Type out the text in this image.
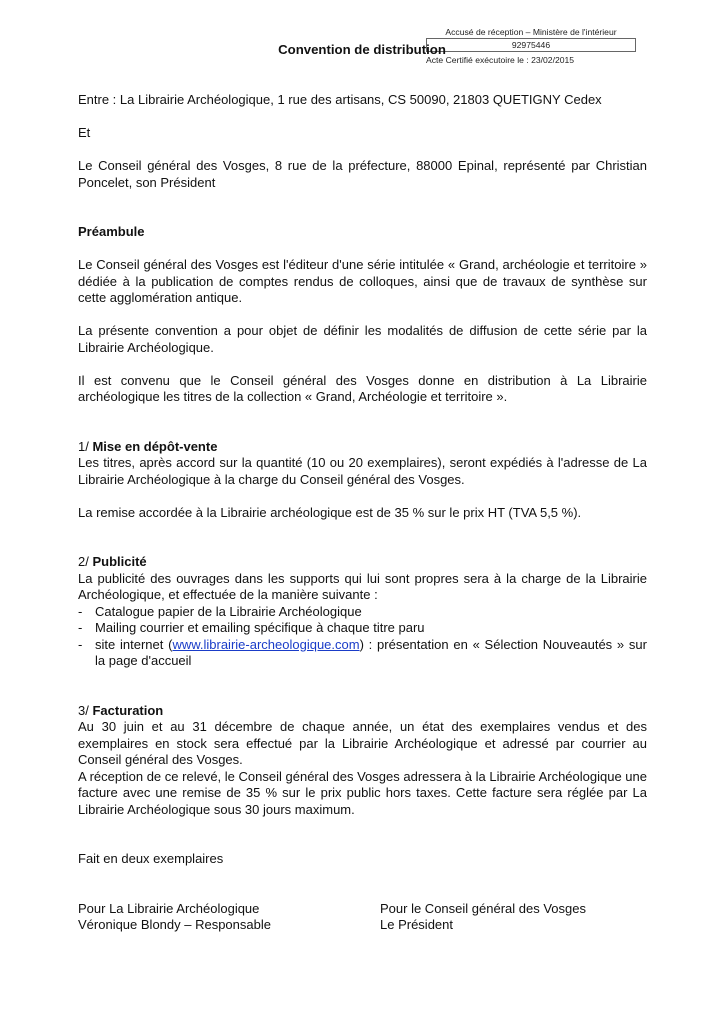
Accusé de réception – Ministère de l'intérieur
92975446
Acte Certifié exécutoire le : 23/02/2015
Convention de distribution

Entre : La Librairie Archéologique, 1 rue des artisans, CS 50090, 21803 QUETIGNY Cedex

Et

Le Conseil général des Vosges, 8 rue de la préfecture, 88000 Epinal, représenté par Christian Poncelet, son Président

Préambule

Le Conseil général des Vosges est l'éditeur d'une série intitulée « Grand, archéologie et territoire » dédiée à la publication de comptes rendus de colloques, ainsi que de travaux de synthèse sur cette agglomération antique.

La présente convention a pour objet de définir les modalités de diffusion de cette série par la Librairie Archéologique.

Il est convenu que le Conseil général des Vosges donne en distribution à La Librairie archéologique les titres de la collection « Grand, Archéologie et territoire ».

1/ Mise en dépôt-vente

Les titres, après accord sur la quantité (10 ou 20 exemplaires), seront expédiés à l'adresse de La Librairie Archéologique à la charge du Conseil général des Vosges.

La remise accordée à la Librairie archéologique est de 35 % sur le prix HT (TVA 5,5 %).

2/ Publicité

La publicité des ouvrages dans les supports qui lui sont propres sera à la charge de la Librairie Archéologique, et effectuée de la manière suivante :

- Catalogue papier de la Librairie Archéologique
- Mailing courrier et emailing spécifique à chaque titre paru
- site internet (www.librairie-archeologique.com) : présentation en « Sélection Nouveautés » sur la page d'accueil

3/ Facturation

Au 30 juin et au 31 décembre de chaque année, un état des exemplaires vendus et des exemplaires en stock sera effectué par la Librairie Archéologique et adressé par courrier au Conseil général des Vosges.

A réception de ce relevé, le Conseil général des Vosges adressera à la Librairie Archéologique une facture avec une remise de 35 % sur le prix public hors taxes. Cette facture sera réglée par La Librairie Archéologique sous 30 jours maximum.

Fait en deux exemplaires

Pour La Librairie Archéologique

Véronique Blondy – Responsable

Pour le Conseil général des Vosges

Le Président
